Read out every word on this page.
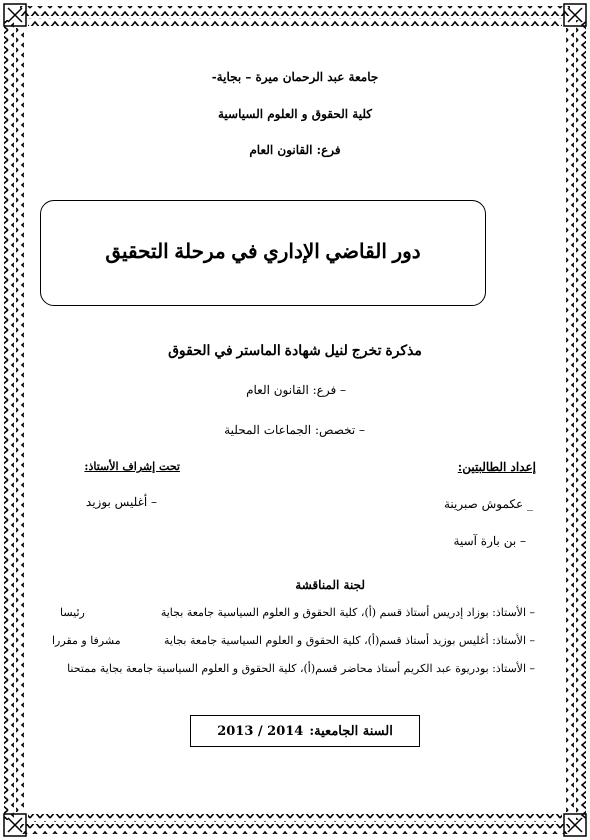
جامعة عبد الرحمان ميرة – بجاية-
كلية الحقوق و العلوم السياسية
فرع: القانون العام
دور القاضي الإداري في مرحلة التحقيق
مذكرة تخرج لنيل شهادة الماستر في الحقوق
– فرع: القانون العام
– تخصص: الجماعات المحلية
إعداد الطالبتين:
تحت إشراف الأستاذ:
_ عكموش صبرينة
– أغليس بوزيد
– بن بارة آسية
لجنة المناقشة
– الأستاذ: بوزاد إدريس أستاذ قسم (أ)، كلية الحقوق و العلوم السياسية جامعة بجاية
رئيسا
– الأستاذ: أغليس بوزيد أستاذ قسم(أ)، كلية الحقوق و العلوم السياسية جامعة بجاية
مشرفا و مقررا
– الأستاذ: بودريوة عبد الكريم أستاذ محاضر قسم(أ)، كلية الحقوق و العلوم السياسية جامعة بجاية ممتحنا
السنة الجامعية:
2013 / 2014
